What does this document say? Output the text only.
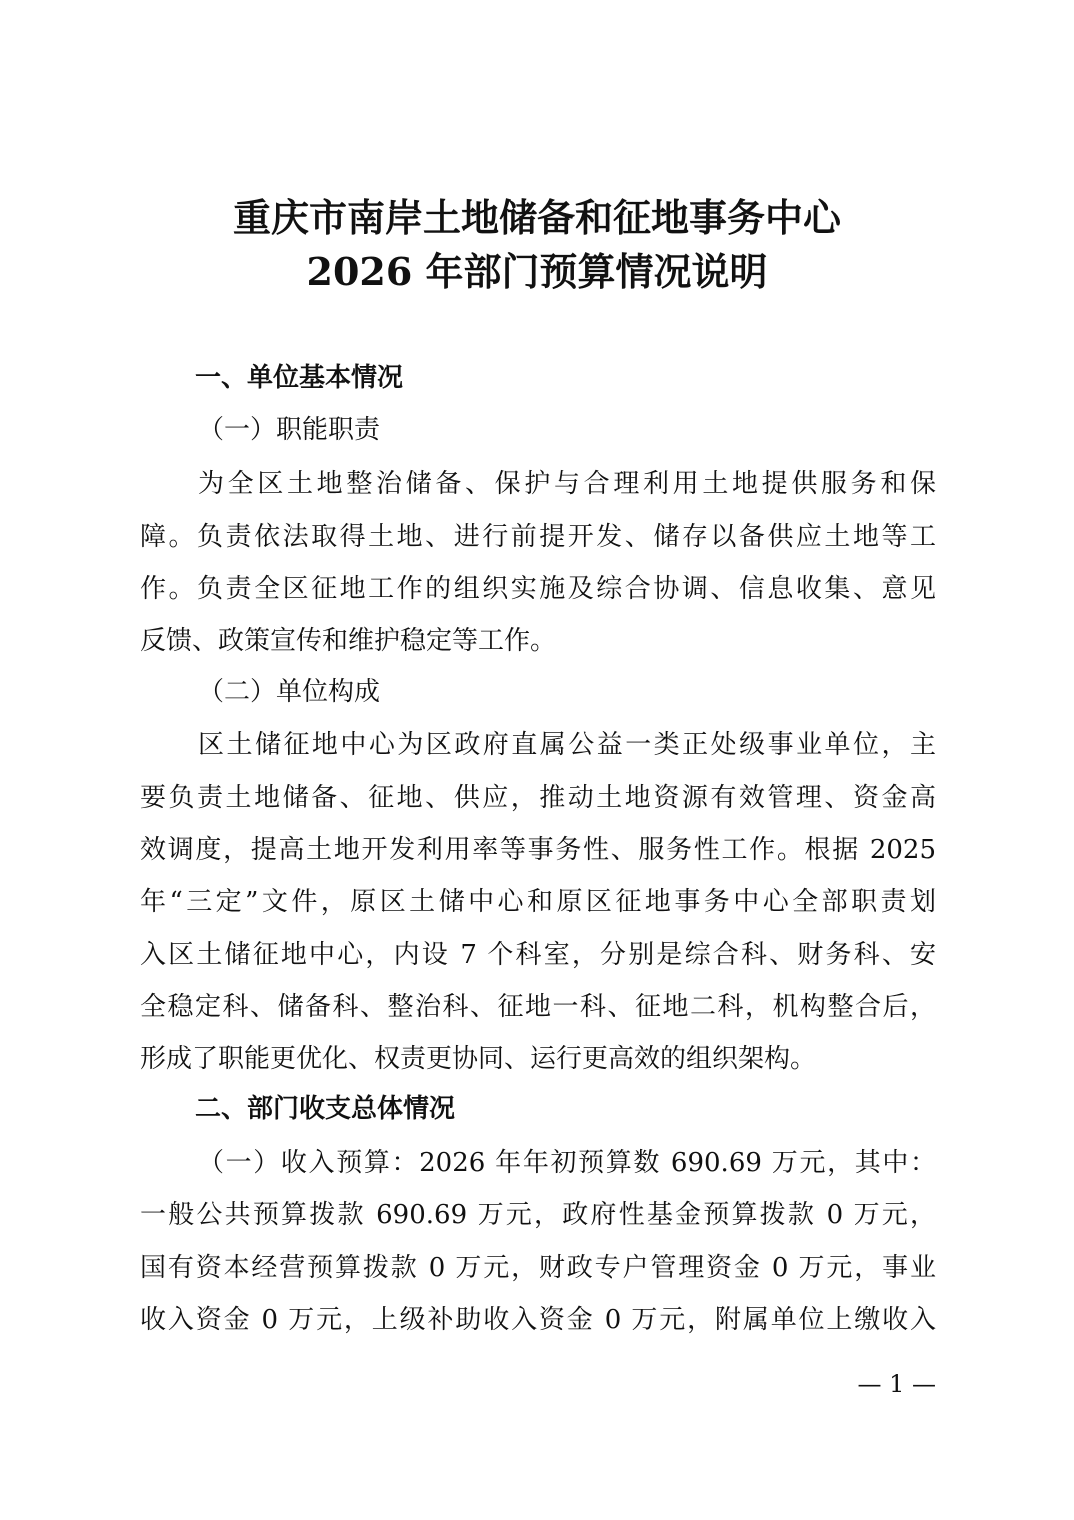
重庆市南岸土地储备和征地事务中心
2026 年部门预算情况说明
一、单位基本情况
（一）职能职责
为全区土地整治储备、保护与合理利用土地提供服务和保
障。负责依法取得土地、进行前提开发、储存以备供应土地等工
作。负责全区征地工作的组织实施及综合协调、信息收集、意见
反馈、政策宣传和维护稳定等工作。
（二）单位构成
区土储征地中心为区政府直属公益一类正处级事业单位，主
要负责土地储备、征地、供应，推动土地资源有效管理、资金高
效调度，提高土地开发利用率等事务性、服务性工作。根据 2025
年“三定”文件，原区土储中心和原区征地事务中心全部职责划
入区土储征地中心，内设 7 个科室，分别是综合科、财务科、安
全稳定科、储备科、整治科、征地一科、征地二科，机构整合后，
形成了职能更优化、权责更协同、运行更高效的组织架构。
二、部门收支总体情况
（一）收入预算：2026 年年初预算数 690.69 万元，其中：
一般公共预算拨款 690.69 万元，政府性基金预算拨款 0 万元，
国有资本经营预算拨款 0 万元，财政专户管理资金 0 万元，事业
收入资金 0 万元，上级补助收入资金 0 万元，附属单位上缴收入
— 1 —
